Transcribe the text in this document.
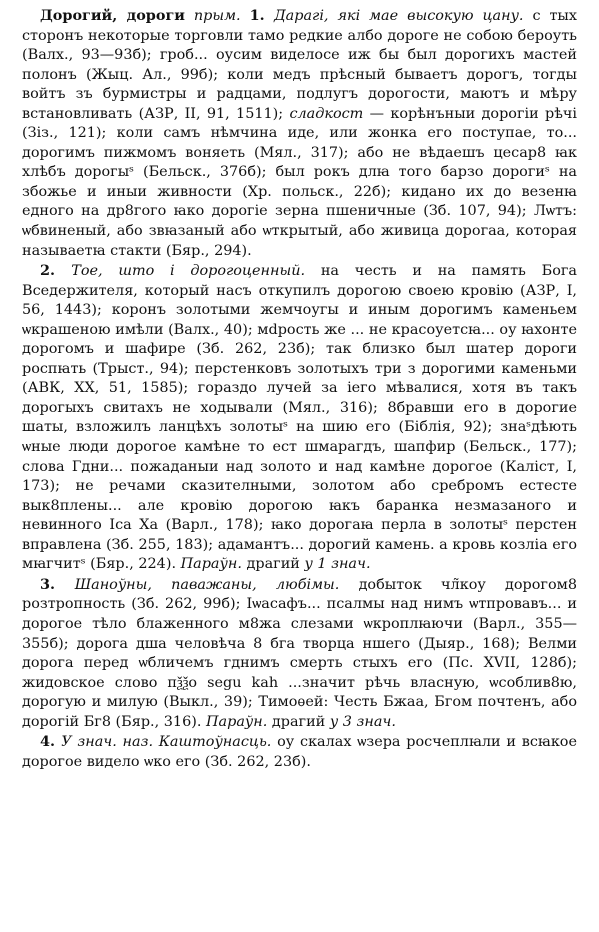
Дорогий, дороги прым. 1. Дарагі, які мае высокую цану. с тых сторонъ некоторые торговли тамо редкие албо дороге не собою бероуть (Валх., 93—93б); гроб... оусим виделосе иж бы был дорогихъ мастей полонъ (Жыц. Ал., 99б); коли медъ прѣсный бываетъ дорогъ, тогды войтъ зъ бурмистры и радцами, подлугъ дорогости, маютъ и мѣру встановливать (АЗР, II, 91, 1511); сладкост — корѣнъныи дорогіи рѣчі (Зіз., 121); коли самъ нѣмчина иде, или жонка его поступае, то... дорогимъ пижмомъ воняеть (Мял., 317); або не вѣдаешъ цесар8 ꙗк хлѣбъ дорогыˢ (Бельск., 376б); был рокъ длꙗ того барзо дорогиˢ на збожье и иныи живности (Хр. польск., 22б); кидано их до везенꙗ едного на др8гого ꙗко дорогіе зерна пшеничные (Зб. 107, 94); Лѡтъ: ѡбвиненый, або звꙗзаный або ѡткрытый, або живица дорогаа, которая называетꙗ стакти (Бяр., 294).

2. Тое, што і дорогоценный. на честь и на память Бога Вседержителя, который насъ откупилъ дорогою своею кровію (АЗР, І, 56, 1443); коронъ золотыми жемчоугы и иным дорогимъ каменьем ѡкрашеною имѣли (Валх., 40); мdрость же ... не красоуетсꙗ... оу ꙗхонте дорогомъ и шафире (Зб. 262, 23б); так близко был шатер дороги роспꙗть (Трыст., 94); перстенковъ золотыхъ три з дорогими каменьми (АВК, XX, 51, 1585); гораздо лучей за іего мѣвалися, хотя въ такъ дорогыхъ свитахъ не ходывали (Мял., 316); 8бравши его в дорогие шаты, взложилъ ланцѣхъ золотыˢ на шию его (Біблія, 92); знаˢдѣють ѡные люди дорогое камѣне то ест шмарагдъ, шапфир (Бельск., 177); слова Гдни... пожаданыи над золото и над камѣне дорогое (Каліст, I, 173); не речами сказителными, золотом або сребромъ естесте вык8плены... але кровію дорогою ꙗкъ баранка незмазаного и невинного Іса Ха (Варл., 178); ꙗко дорогаꙗ перла в золотыˢ перстен вправлена (Зб. 255, 183); адамантъ... дорогий камень. а кровь козліа его мꙗгчитˢ (Бяр., 224). Параўн. драгий у 1 знач.

3. Шаноўны, паважаны, любімы. добыток чл̃коу дорогом8 розтропность (Зб. 262, 99б); Іѡасафъ... псалмы над нимъ ѡтпровавъ... и дорогое тѣло блаженного м8жа слезами ѡкроплꙗючи (Варл., 355—355б); дорога дша человѣча 8 бга творца ншего (Дыяр., 168); Велми дорога перед ѡбличемъ гднимъ смерть стыхъ его (Пс. XVII, 128б); жидовское слово пѯѯо segu kah ...значит рѣчь власную, ѡсоблив8ю, дорогую и милую (Выкл., 39); Тимоѳей: Честь Бжаа, Бгом почтенъ, або дорогій Бг8 (Бяр., 316). Параўн. драгий у 3 знач.

4. У знач. наз. Каштоўнасць. оу скалах ѡзера росчеплꙗли и всꙗкое дорогое видело ѡко его (Зб. 262, 23б).
